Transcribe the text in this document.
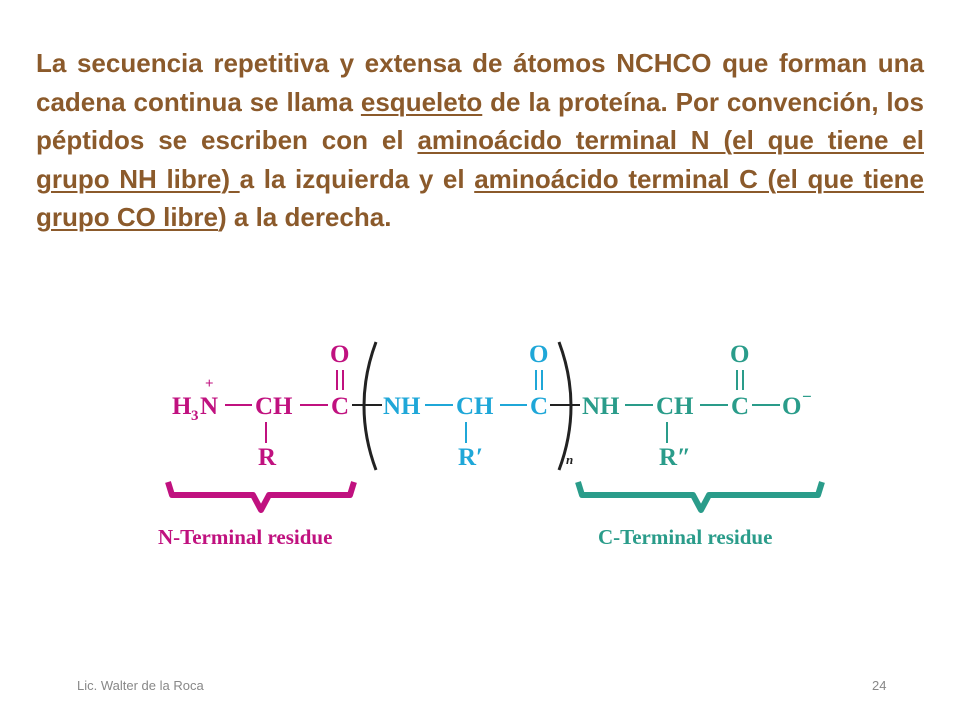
La secuencia repetitiva y extensa de átomos NCHCO que forman una cadena continua se llama esqueleto de la proteína. Por convención, los péptidos se escriben con el aminoácido terminal N (el que tiene el grupo NH libre) a la izquierda y el aminoácido terminal C (el que tiene grupo CO libre) a la derecha.

H 3 N
+
CH C
O
R	n
NH CH C
O
R′
NH CH C
O
O −
R″
N-Terminal residue	C-Terminal residue
Lic. Walter de la Roca	24
